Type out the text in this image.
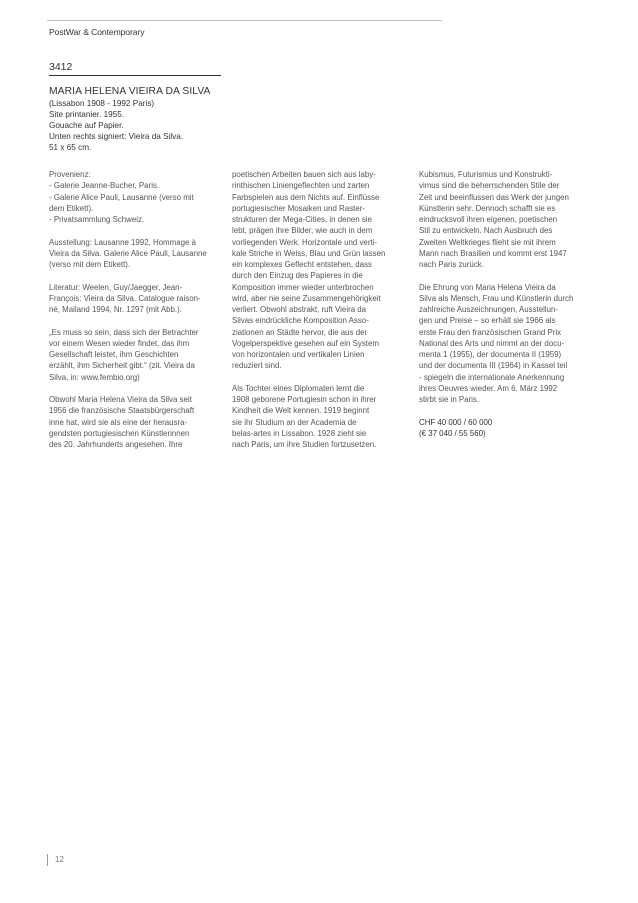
PostWar & Contemporary
3412
MARIA HELENA VIEIRA DA SILVA
(Lissabon 1908 - 1992 Paris)
Site printanier. 1955.
Gouache auf Papier.
Unten rechts signiert: Vieira da Silva.
51 x 65 cm.

Provenienz:
- Galerie Jeanne-Bucher, Paris.
- Galerie Alice Pauli, Lausanne (verso mit
dem Etikett).
- Privatsammlung Schweiz.

Ausstellung: Lausanne 1992, Hommage à
Vieira da Silva. Galerie Alice Pauli, Lausanne
(verso mit dem Etikett).

Literatur: Weelen, Guy/Jaegger, Jean-
François: Vieira da Silva. Catalogue raison-
né, Mailand 1994, Nr. 1297 (mit Abb.).

„Es muss so sein, dass sich der Betrachter
vor einem Wesen wieder findet, das ihm
Gesellschaft leistet, ihm Geschichten
erzählt, ihm Sicherheit gibt.“ (zit. Vieira da
Silva, in: www.fembio.org)

Obwohl Maria Helena Vieira da Silva seit
1956 die französische Staatsbürgerschaft
inne hat, wird sie als eine der herausra-
gendsten portugiesischen Künstlerinnen
des 20. Jahrhunderts angesehen. Ihre

poetischen Arbeiten bauen sich aus laby-
rinthischen Liniengeflechten und zarten
Farbspielen aus dem Nichts auf. Einflüsse
portugiesischer Mosaiken und Raster-
strukturen der Mega-Cities, in denen sie
lebt, prägen ihre Bilder, wie auch in dem
vorliegenden Werk. Horizontale und verti-
kale Striche in Weiss, Blau und Grün lassen
ein komplexes Geflecht entstehen, dass
durch den Einzug des Papieres in die
Komposition immer wieder unterbrochen
wird, aber nie seine Zusammengehörigkeit
verliert. Obwohl abstrakt, ruft Vieira da
Silvas eindrückliche Komposition Asso-
ziationen an Städte hervor, die aus der
Vogelperspektive gesehen auf ein System
von horizontalen und vertikalen Linien
reduziert sind.

Als Tochter eines Diplomaten lernt die
1908 geborene Portugiesin schon in ihrer
Kindheit die Welt kennen. 1919 beginnt
sie ihr Studium an der Academia de
belas-artes in Lissabon. 1928 zieht sie
nach Paris, um ihre Studien fortzusetzen.

Kubismus, Futurismus und Konstrukti-
vimus sind die beherrschenden Stile der
Zeit und beeinflussen das Werk der jungen
Künstlerin sehr. Dennoch schafft sie es
eindrucksvoll ihren eigenen, poetischen
Stil zu entwickeln. Nach Ausbruch des
Zweiten Weltkrieges flieht sie mit ihrem
Mann nach Brasilien und kommt erst 1947
nach Paris zurück.

Die Ehrung von Maria Helena Vieira da
Silva als Mensch, Frau und Künstlerin durch
zahlreiche Auszeichnungen, Ausstellun-
gen und Preise – so erhält sie 1966 als
erste Frau den französischen Grand Prix
National des Arts und nimmt an der docu-
menta 1 (1955), der documenta II (1959)
und der documenta III (1964) in Kassel teil
- spiegeln die internationale Anerkennung
ihres Oeuvres wieder. Am 6. März 1992
stirbt sie in Paris.

CHF 40 000 / 60 000
(€ 37 040 / 55 560)

12
